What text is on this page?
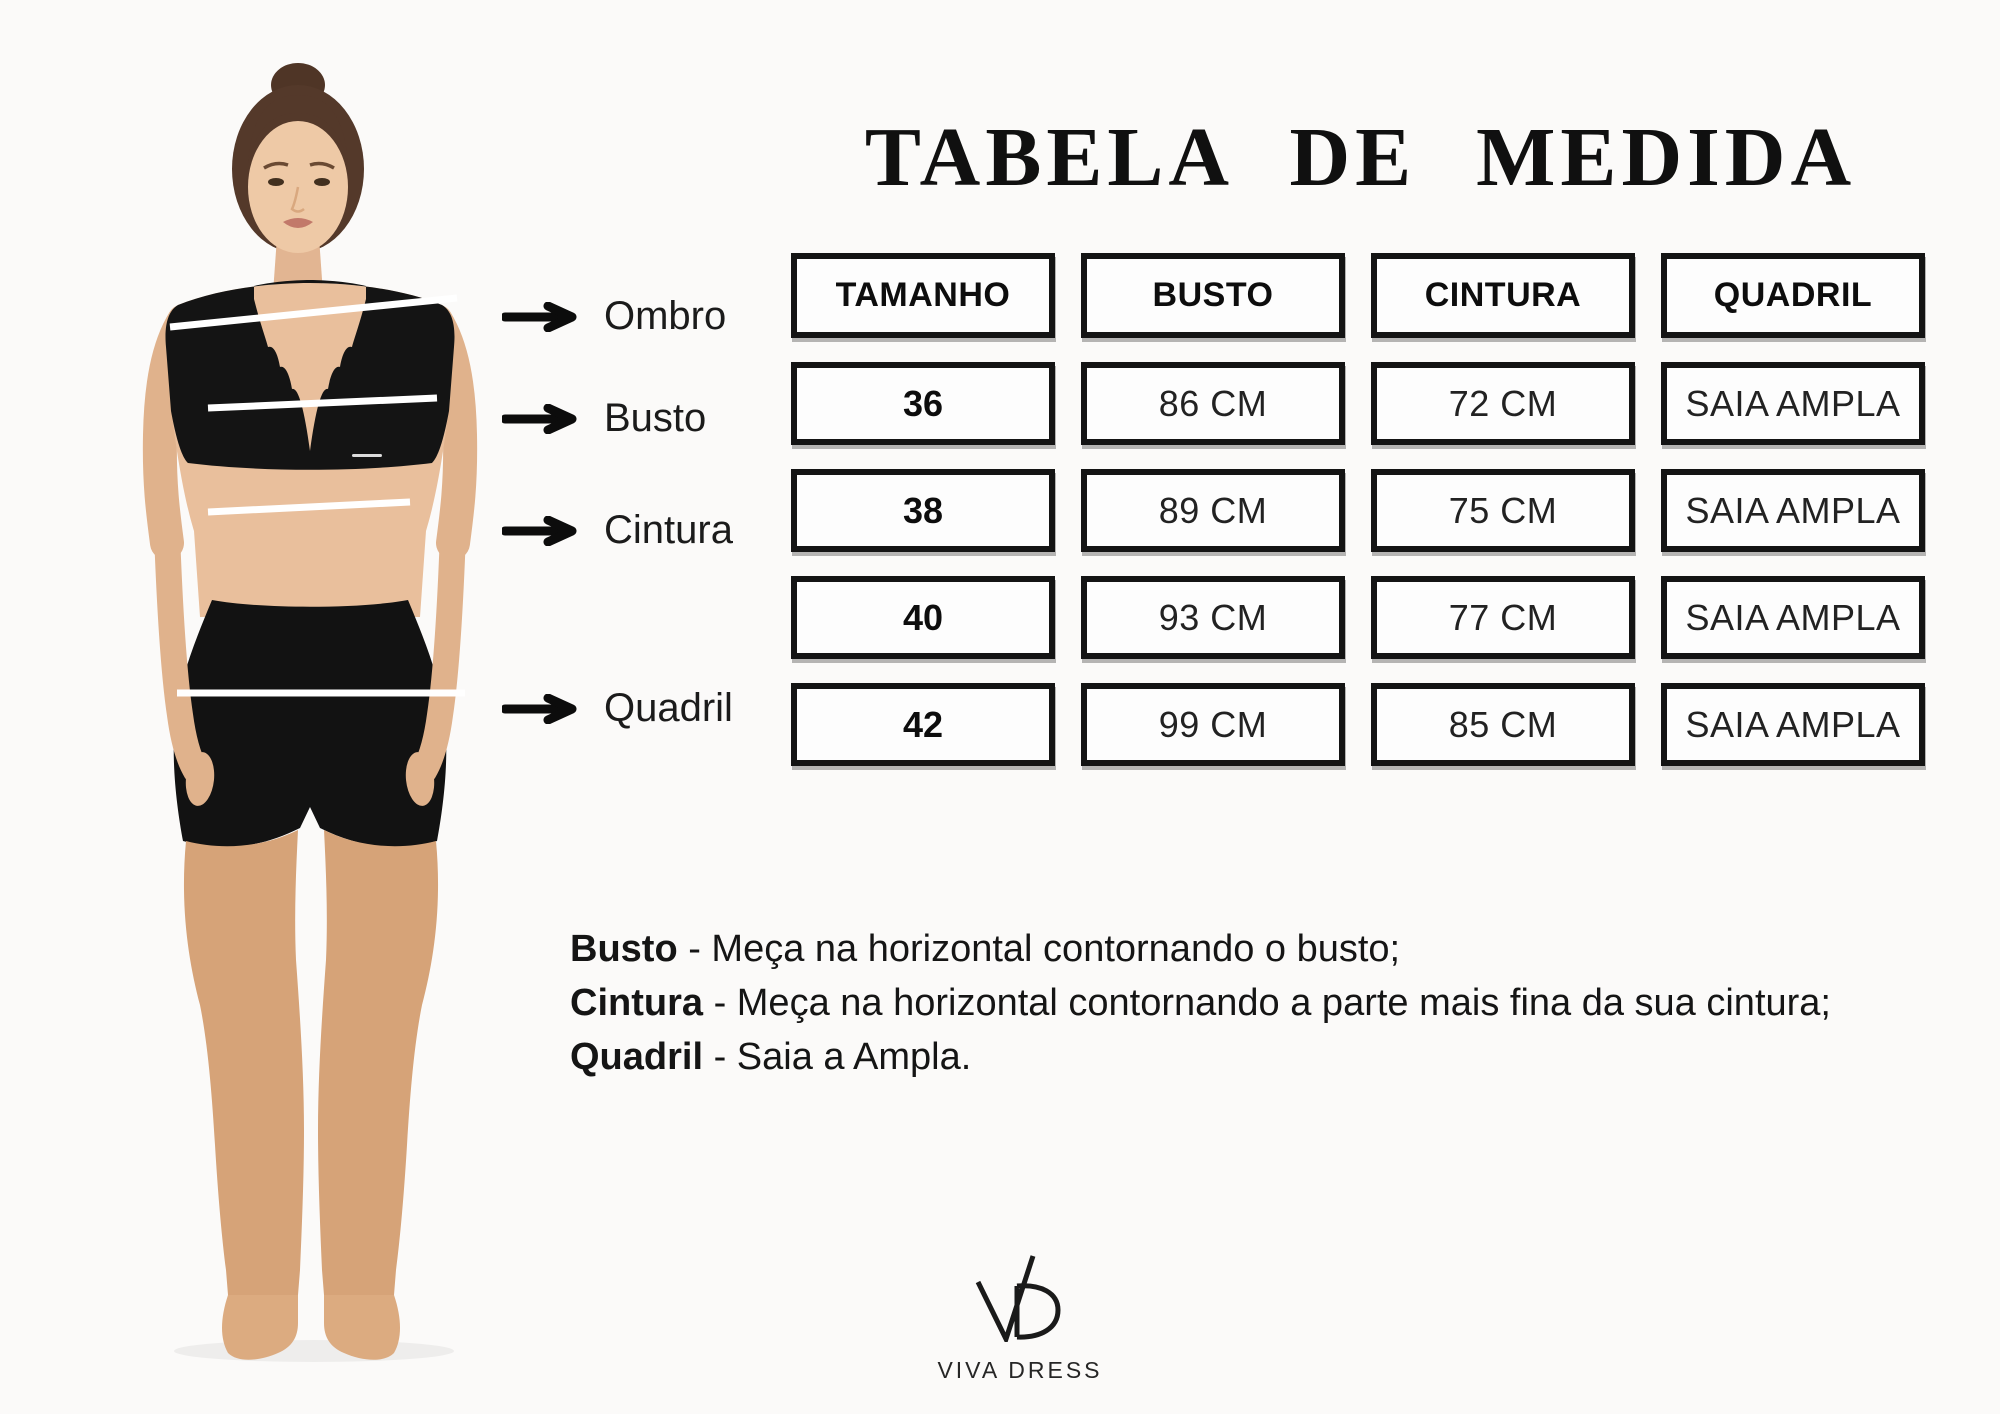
TABELA DE MEDIDA
Ombro
Busto
Cintura
Quadril
TAMANHO	BUSTO	CINTURA	QUADRIL
36	86 CM	72 CM	SAIA AMPLA
38	89 CM	75 CM	SAIA AMPLA
40	93 CM	77 CM	SAIA AMPLA
42	99 CM	85 CM	SAIA AMPLA
Busto - Meça na horizontal contornando o busto;
Cintura - Meça na horizontal contornando a parte mais fina da sua cintura;
Quadril - Saia a Ampla.
VIVA DRESS
